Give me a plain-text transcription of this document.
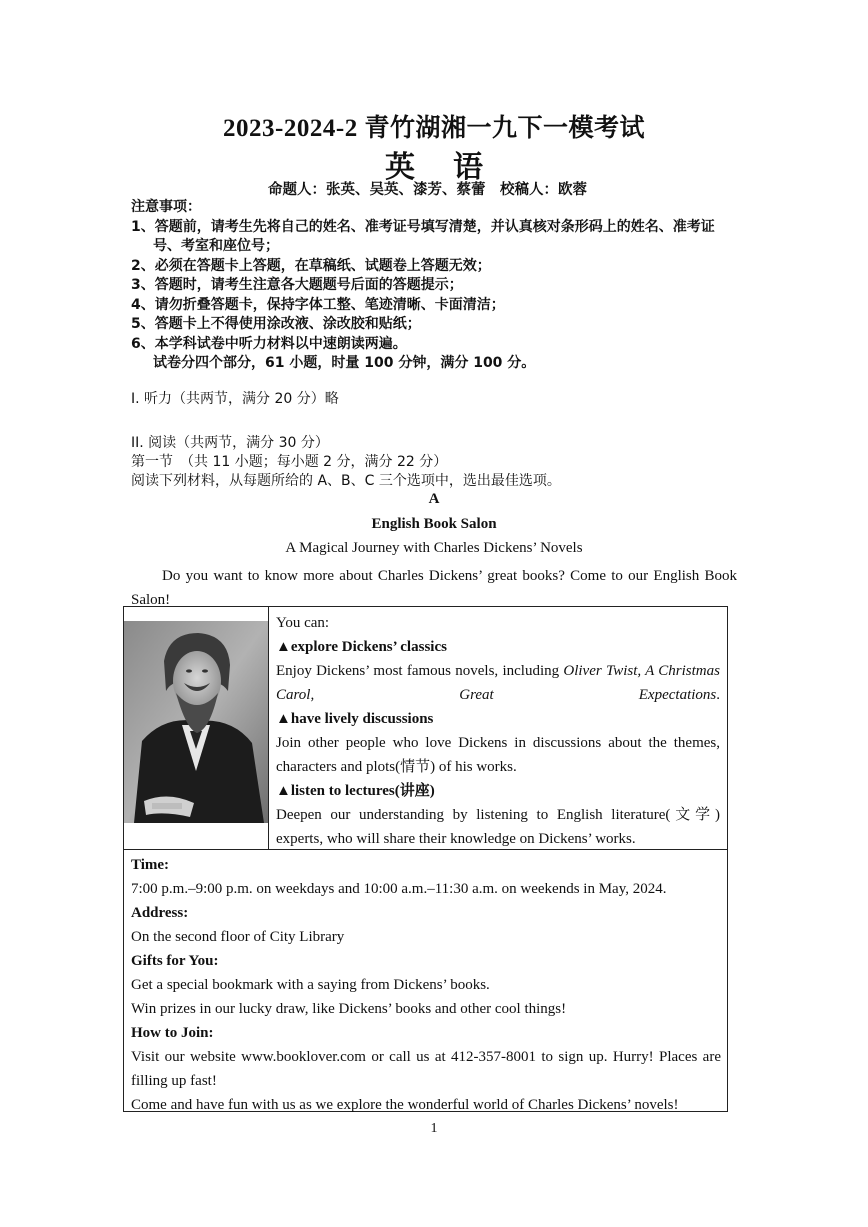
2023-2024-2 青竹湖湘一九下一模考试
英语
命题人：张英、吴英、漆芳、蔡蕾　校稿人：欧蓉
注意事项：
1、答题前，请考生先将自己的姓名、准考证号填写清楚，并认真核对条形码上的姓名、准考证号、考室和座位号；
2、必须在答题卡上答题，在草稿纸、试题卷上答题无效；
3、答题时，请考生注意各大题题号后面的答题提示；
4、请勿折叠答题卡，保持字体工整、笔迹清晰、卡面清洁；
5、答题卡上不得使用涂改液、涂改胶和贴纸；
6、本学科试卷中听力材料以中速朗读两遍。
试卷分四个部分，61 小题，时量 100 分钟，满分 100 分。
I. 听力（共两节，满分 20 分）略
II. 阅读（共两节，满分 30 分）
第一节　（共 11 小题；每小题 2 分，满分 22 分）
阅读下列材料，从每题所给的 A、B、C 三个选项中，选出最佳选项。
A
English Book Salon
A Magical Journey with Charles Dickens’ Novels
Do you want to know more about Charles Dickens’ great books? Come to our English Book Salon!
You can:
▲explore Dickens’ classics
Enjoy Dickens’ most famous novels, including Oliver Twist, A Christmas Carol, Great Expectations.
▲have lively discussions
Join other people who love Dickens in discussions about the themes, characters and plots(情节) of his works.
▲listen to lectures(讲座)
Deepen our understanding by listening to English literature(文学) experts, who will share their knowledge on Dickens’ works.
Time:
7:00 p.m.–9:00 p.m. on weekdays and 10:00 a.m.–11:30 a.m. on weekends in May, 2024.
Address:
On the second floor of City Library
Gifts for You:
Get a special bookmark with a saying from Dickens’ books.
Win prizes in our lucky draw, like Dickens’ books and other cool things!
How to Join:
Visit our website www.booklover.com or call us at 412-357-8001 to sign up. Hurry! Places are filling up fast!
Come and have fun with us as we explore the wonderful world of Charles Dickens’ novels!
1
